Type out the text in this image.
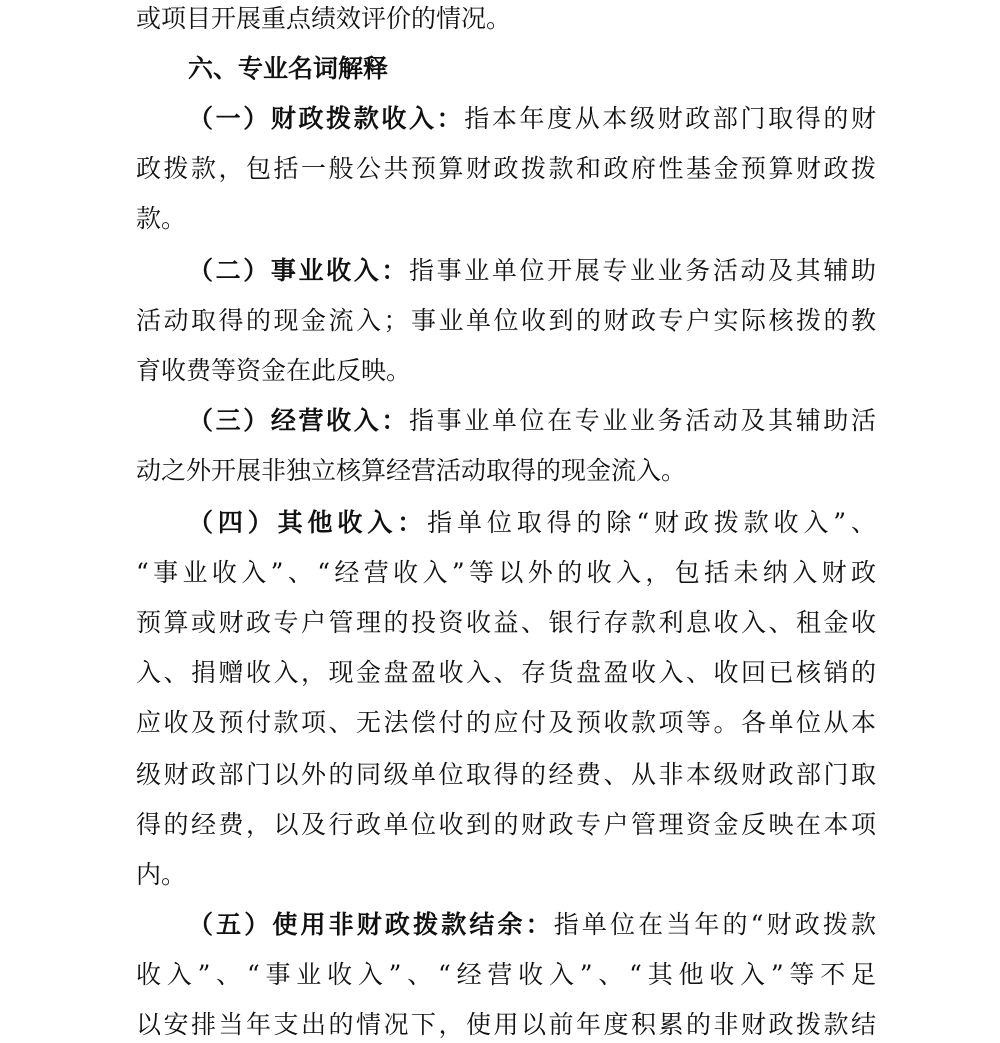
或项目开展重点绩效评价的情况。
六、专业名词解释
（一）财政拨款收入：指本年度从本级财政部门取得的财
政拨款，包括一般公共预算财政拨款和政府性基金预算财政拨
款。
（二）事业收入：指事业单位开展专业业务活动及其辅助
活动取得的现金流入；事业单位收到的财政专户实际核拨的教
育收费等资金在此反映。
（三）经营收入：指事业单位在专业业务活动及其辅助活
动之外开展非独立核算经营活动取得的现金流入。
（四）其他收入：指单位取得的除“财政拨款收入”、
“事业收入”、“经营收入”等以外的收入，包括未纳入财政
预算或财政专户管理的投资收益、银行存款利息收入、租金收
入、捐赠收入，现金盘盈收入、存货盘盈收入、收回已核销的
应收及预付款项、无法偿付的应付及预收款项等。各单位从本
级财政部门以外的同级单位取得的经费、从非本级财政部门取
得的经费，以及行政单位收到的财政专户管理资金反映在本项
内。
（五）使用非财政拨款结余：指单位在当年的“财政拨款
收入”、“事业收入”、“经营收入”、“其他收入”等不足
以安排当年支出的情况下，使用以前年度积累的非财政拨款结
